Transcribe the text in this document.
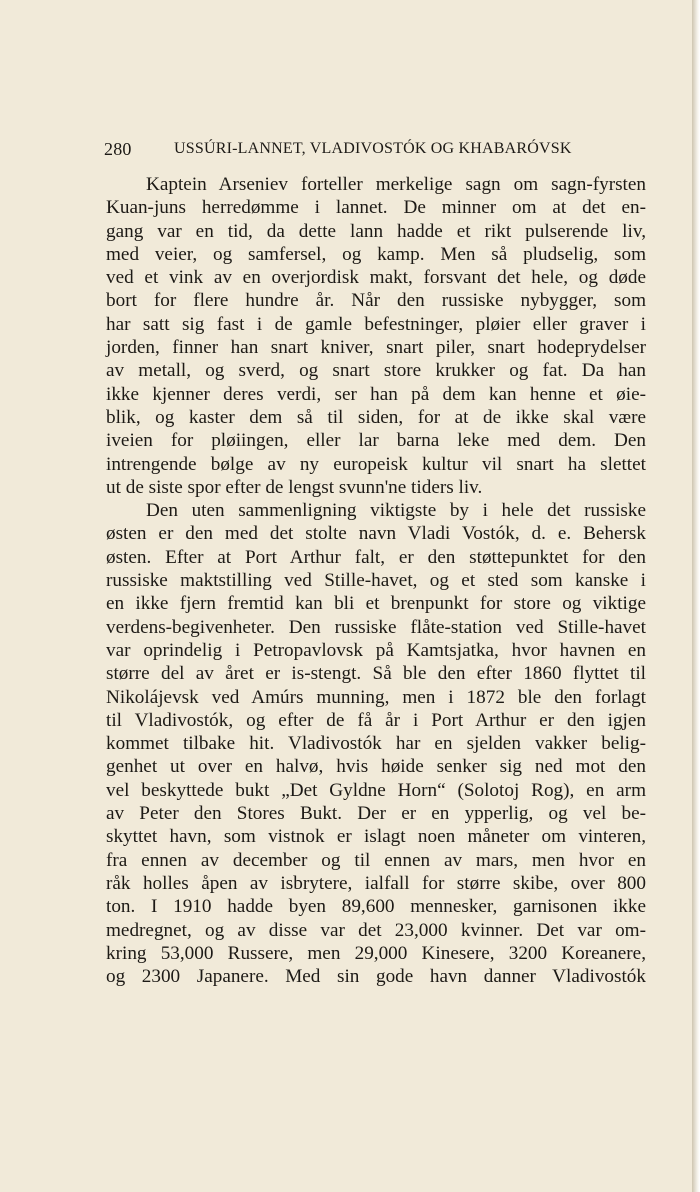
280	USSÚRI-LANNET, VLADIVOSTÓK OG KHABARÓVSK
Kaptein Arseniev forteller merkelige sagn om sagn-fyrsten
Kuan-juns herredømme i lannet. De minner om at det en-
gang var en tid, da dette lann hadde et rikt pulserende liv,
med veier, og samfersel, og kamp. Men så pludselig, som
ved et vink av en overjordisk makt, forsvant det hele, og døde
bort for flere hundre år. Når den russiske nybygger, som
har satt sig fast i de gamle befestninger, pløier eller graver i
jorden, finner han snart kniver, snart piler, snart hodeprydelser
av metall, og sverd, og snart store krukker og fat. Da han
ikke kjenner deres verdi, ser han på dem kan henne et øie-
blik, og kaster dem så til siden, for at de ikke skal være
iveien for pløiingen, eller lar barna leke med dem. Den
intrengende bølge av ny europeisk kultur vil snart ha slettet
ut de siste spor efter de lengst svunn'ne tiders liv.
Den uten sammenligning viktigste by i hele det russiske
østen er den med det stolte navn Vladi Vostók, d. e. Behersk
østen. Efter at Port Arthur falt, er den støttepunktet for den
russiske maktstilling ved Stille-havet, og et sted som kanske i
en ikke fjern fremtid kan bli et brenpunkt for store og viktige
verdens-begivenheter. Den russiske flåte-station ved Stille-havet
var oprindelig i Petropavlovsk på Kamtsjatka, hvor havnen en
større del av året er is-stengt. Så ble den efter 1860 flyttet til
Nikolájevsk ved Amúrs munning, men i 1872 ble den forlagt
til Vladivostók, og efter de få år i Port Arthur er den igjen
kommet tilbake hit. Vladivostók har en sjelden vakker belig-
genhet ut over en halvø, hvis høide senker sig ned mot den
vel beskyttede bukt „Det Gyldne Horn“ (Solotoj Rog), en arm
av Peter den Stores Bukt. Der er en ypperlig, og vel be-
skyttet havn, som vistnok er islagt noen måneter om vinteren,
fra ennen av december og til ennen av mars, men hvor en
råk holles åpen av isbrytere, ialfall for større skibe, over 800
ton. I 1910 hadde byen 89,600 mennesker, garnisonen ikke
medregnet, og av disse var det 23,000 kvinner. Det var om-
kring 53,000 Russere, men 29,000 Kinesere, 3200 Koreanere,
og 2300 Japanere. Med sin gode havn danner Vladivostók
